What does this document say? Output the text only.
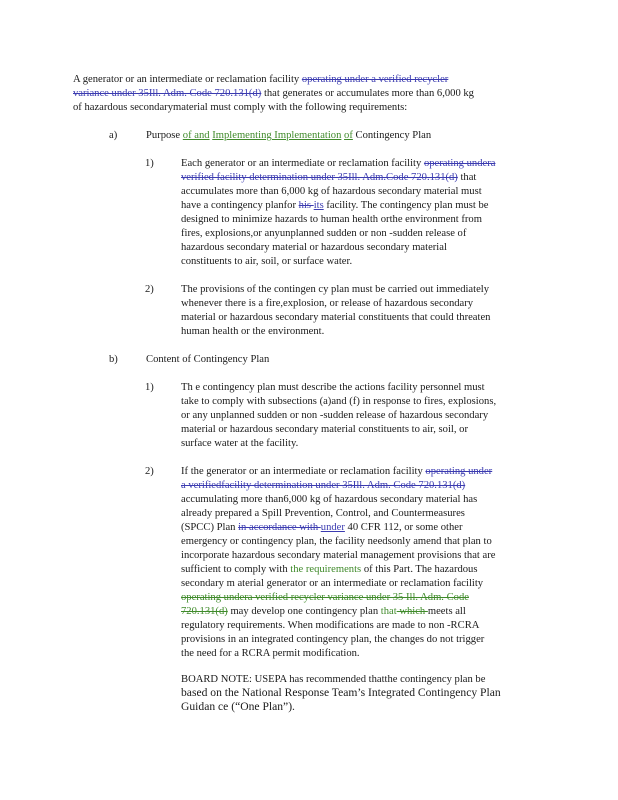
A generator or an intermediate or reclamation facility operating under a verified recycler
variance under 35Ill. Adm. Code 720.131(d) that generates or accumulates more than 6,000 kg
of hazardous secondarymaterial must comply with the following requirements:
a)	Purpose of and Implementing Implementation of Contingency Plan
1)	Each generator or an intermediate or reclamation facility operating undera
verified facility determination under 35Ill. Adm.Code 720.131(d) that
accumulates more than 6,000 kg of hazardous secondary material must
have a contingency planfor his its facility. The contingency plan must be
designed to minimize hazards to human health orthe environment from
fires, explosions,or anyunplanned sudden or non -sudden release of
hazardous secondary material or hazardous secondary material
constituents to air, soil, or surface water.
2)	The provisions of the contingen cy plan must be carried out immediately
whenever there is a fire,explosion, or release of hazardous secondary
material or hazardous secondary material constituents that could threaten
human health or the environment.
b)	Content of Contingency Plan
1)	Th e contingency plan must describe the actions facility personnel must
take to comply with subsections (a)and (f) in response to fires, explosions,
or any unplanned sudden or non -sudden release of hazardous secondary
material or hazardous secondary material constituents to air, soil, or
surface water at the facility.
2)	If the generator or an intermediate or reclamation facility operating under
a verifiedfacility determination under 35Ill. Adm. Code 720.131(d)
accumulating more than6,000 kg of hazardous secondary material has
already prepared a Spill Prevention, Control, and Countermeasures
(SPCC) Plan in accordance with under 40 CFR 112, or some other
emergency or contingency plan, the facility needsonly amend that plan to
incorporate hazardous secondary material management provisions that are
sufficient to comply with the requirements of this Part. The hazardous
secondary m aterial generator or an intermediate or reclamation facility
operating undera verified recycler variance under 35 Ill. Adm. Code
720.131(d) may develop one contingency plan that which meets all
regulatory requirements. When modifications are made to non -RCRA
provisions in an integrated contingency plan, the changes do not trigger
the need for a RCRA permit modification.
BOARD NOTE: USEPA has recommended thatthe contingency plan be
based on the National Response Team’s Integrated Contingency Plan
Guidan ce (“One Plan”).
